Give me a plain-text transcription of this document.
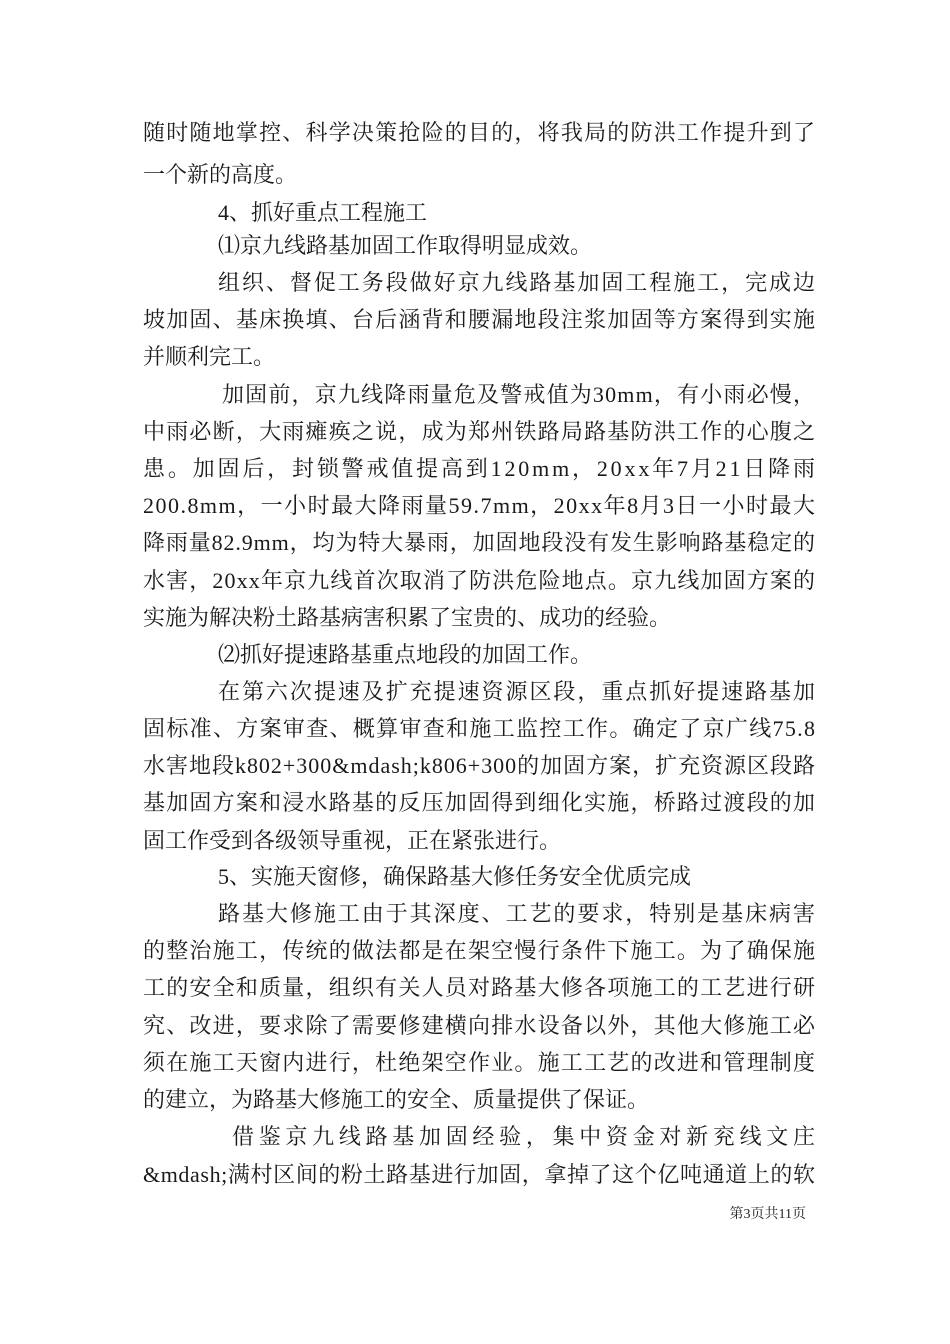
随时随地掌控、科学决策抢险的目的，将我局的防洪工作提升到了
一个新的高度。
4、抓好重点工程施工
⑴京九线路基加固工作取得明显成效。
组织、督促工务段做好京九线路基加固工程施工，完成边
坡加固、基床换填、台后涵背和腰漏地段注浆加固等方案得到实施
并顺利完工。
加固前，京九线降雨量危及警戒值为30mm，有小雨必慢，
中雨必断，大雨瘫痪之说，成为郑州铁路局路基防洪工作的心腹之
患。加固后，封锁警戒值提高到120mm，20xx年7月21日降雨
200.8mm，一小时最大降雨量59.7mm，20xx年8月3日一小时最大
降雨量82.9mm，均为特大暴雨，加固地段没有发生影响路基稳定的
水害，20xx年京九线首次取消了防洪危险地点。京九线加固方案的
实施为解决粉土路基病害积累了宝贵的、成功的经验。
⑵抓好提速路基重点地段的加固工作。
在第六次提速及扩充提速资源区段，重点抓好提速路基加
固标准、方案审查、概算审查和施工监控工作。确定了京广线75.8
水害地段k802+300&mdash;k806+300的加固方案，扩充资源区段路
基加固方案和浸水路基的反压加固得到细化实施，桥路过渡段的加
固工作受到各级领导重视，正在紧张进行。
5、实施天窗修，确保路基大修任务安全优质完成
路基大修施工由于其深度、工艺的要求，特别是基床病害
的整治施工，传统的做法都是在架空慢行条件下施工。为了确保施
工的安全和质量，组织有关人员对路基大修各项施工的工艺进行研
究、改进，要求除了需要修建横向排水设备以外，其他大修施工必
须在施工天窗内进行，杜绝架空作业。施工工艺的改进和管理制度
的建立，为路基大修施工的安全、质量提供了保证。
借鉴京九线路基加固经验，集中资金对新兖线文庄
&mdash;满村区间的粉土路基进行加固，拿掉了这个亿吨通道上的软
第3页共11页
